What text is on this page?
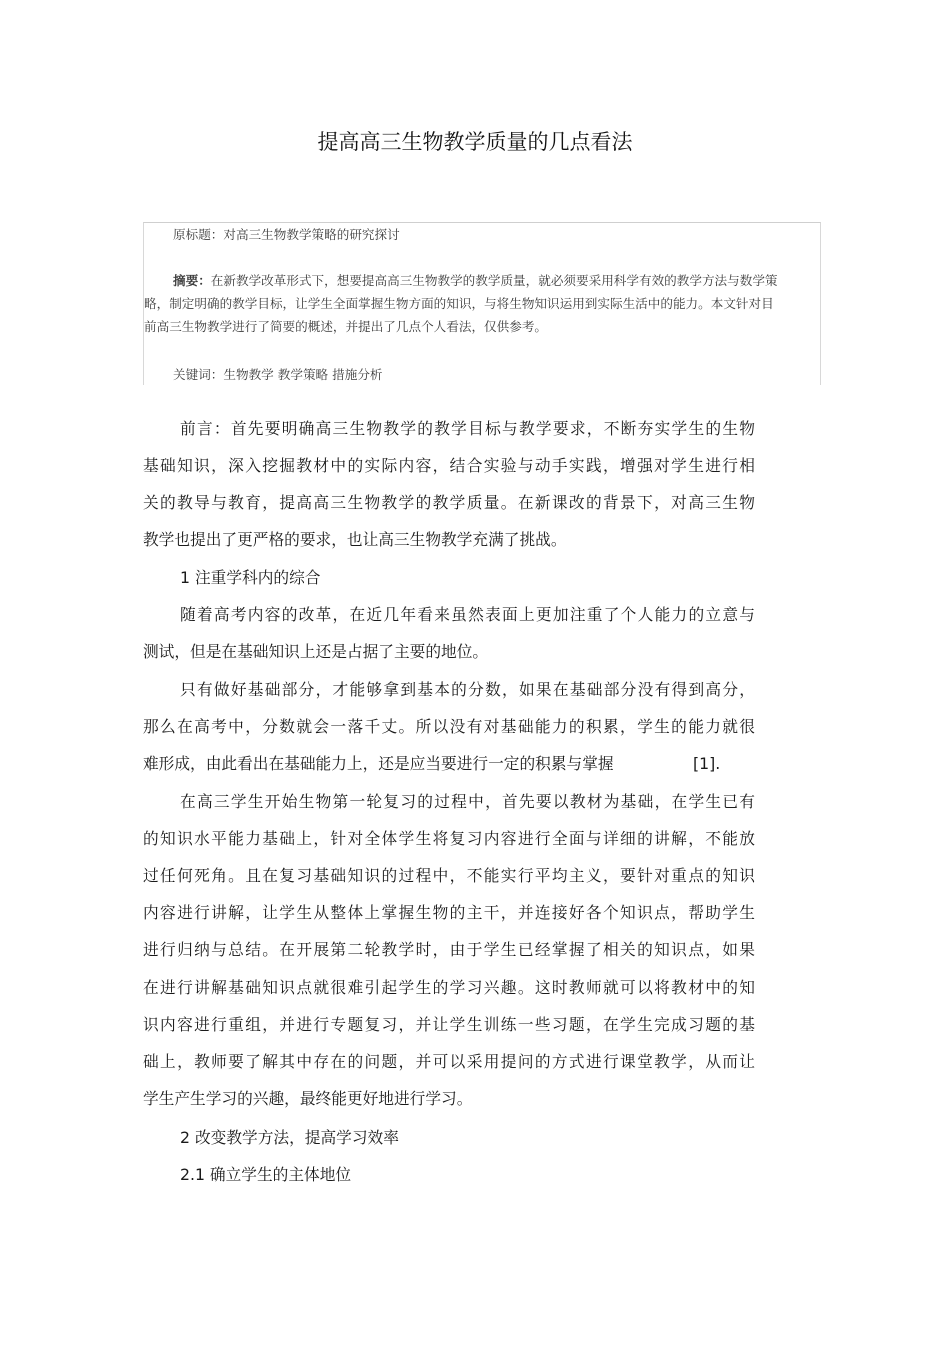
提高高三生物教学质量的几点看法
原标题：对高三生物教学策略的研究探讨
摘要：在新教学改革形式下，想要提高高三生物教学的教学质量，就必须要采用科学有效的教学方法与数学策
略，制定明确的教学目标，让学生全面掌握生物方面的知识，与将生物知识运用到实际生活中的能力。本文针对目
前高三生物教学进行了简要的概述，并提出了几点个人看法，仅供参考。
关键词：生物教学 教学策略 措施分析
前言：首先要明确高三生物教学的教学目标与教学要求，不断夯实学生的生物
基础知识，深入挖掘教材中的实际内容，结合实验与动手实践，增强对学生进行相
关的教导与教育，提高高三生物教学的教学质量。在新课改的背景下，对高三生物
教学也提出了更严格的要求，也让高三生物教学充满了挑战。
1 注重学科内的综合
随着高考内容的改革，在近几年看来虽然表面上更加注重了个人能力的立意与
测试，但是在基础知识上还是占据了主要的地位。
只有做好基础部分，才能够拿到基本的分数，如果在基础部分没有得到高分，
那么在高考中，分数就会一落千丈。所以没有对基础能力的积累，学生的能力就很
难形成，由此看出在基础能力上，还是应当要进行一定的积累与掌握	[1].
在高三学生开始生物第一轮复习的过程中，首先要以教材为基础，在学生已有
的知识水平能力基础上，针对全体学生将复习内容进行全面与详细的讲解，不能放
过任何死角。且在复习基础知识的过程中，不能实行平均主义，要针对重点的知识
内容进行讲解，让学生从整体上掌握生物的主干，并连接好各个知识点，帮助学生
进行归纳与总结。在开展第二轮教学时，由于学生已经掌握了相关的知识点，如果
在进行讲解基础知识点就很难引起学生的学习兴趣。这时教师就可以将教材中的知
识内容进行重组，并进行专题复习，并让学生训练一些习题，在学生完成习题的基
础上，教师要了解其中存在的问题，并可以采用提问的方式进行课堂教学，从而让
学生产生学习的兴趣，最终能更好地进行学习。
2 改变教学方法，提高学习效率
2.1 确立学生的主体地位
